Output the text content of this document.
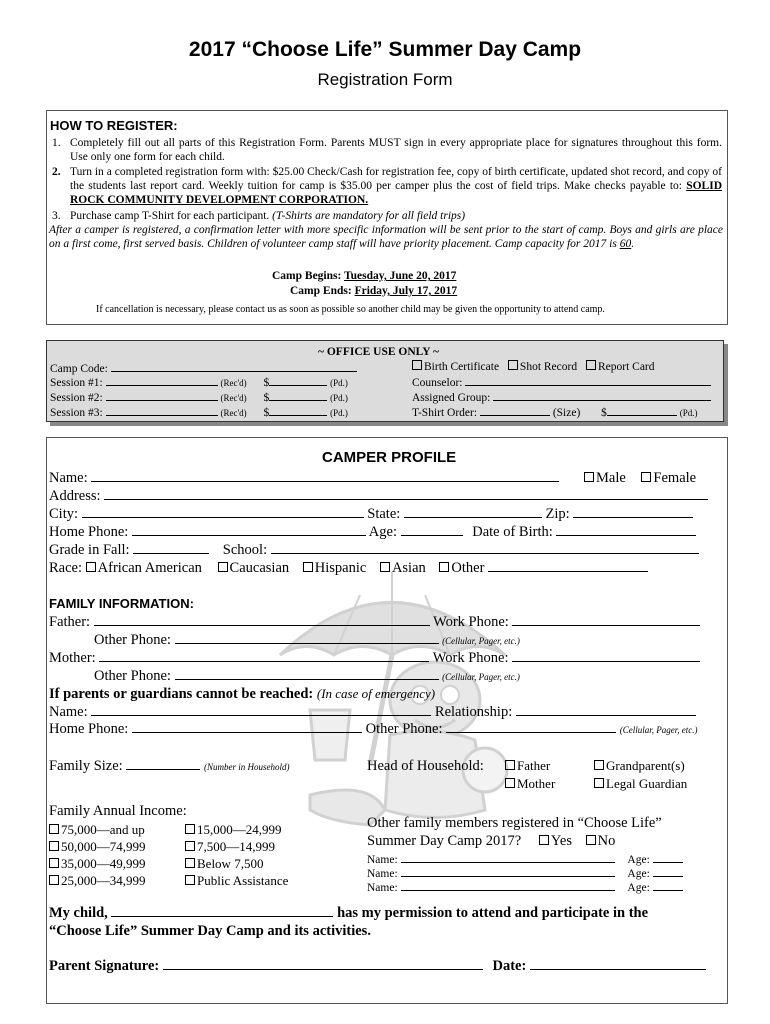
2017 “Choose Life” Summer Day Camp
Registration Form
HOW TO REGISTER:
1. Completely fill out all parts of this Registration Form. Parents MUST sign in every appropriate place for signatures throughout this form. Use only one form for each child.
2. Turn in a completed registration form with: $25.00 Check/Cash for registration fee, copy of birth certificate, updated shot record, and copy of the students last report card. Weekly tuition for camp is $35.00 per camper plus the cost of field trips. Make checks payable to: SOLID ROCK COMMUNITY DEVELOPMENT CORPORATION.
3. Purchase camp T-Shirt for each participant. (T-Shirts are mandatory for all field trips)
After a camper is registered, a confirmation letter with more specific information will be sent prior to the start of camp. Boys and girls are place on a first come, first served basis. Children of volunteer camp staff will have priority placement. Camp capacity for 2017 is 60.
Camp Begins: Tuesday, June 20, 2017
Camp Ends: Friday, July 17, 2017
If cancellation is necessary, please contact us as soon as possible so another child may be given the opportunity to attend camp.
~ OFFICE USE ONLY ~
Camp Code:
Session #1:	(Rec'd) $	(Pd.)
Session #2:	(Rec'd) $	(Pd.)
Session #3:	(Rec'd) $	(Pd.)
Birth Certificate Shot Record Report Card
Counselor:
Assigned Group:
T-Shirt Order:	(Size) $	(Pd.)
CAMPER PROFILE
Name:	Male Female
Address:
City:	State:	Zip:
Home Phone:	Age:	Date of Birth:
Grade in Fall:	School:
Race: African American Caucasian Hispanic Asian Other
FAMILY INFORMATION:
Father:	Work Phone:
Other Phone:	(Cellular, Pager, etc.)
Mother:	Work Phone:
Other Phone:	(Cellular, Pager, etc.)
If parents or guardians cannot be reached: (In case of emergency)
Name:	Relationship:
Home Phone:	Other Phone:	(Cellular, Pager, etc.)
Family Size:	(Number in Household)	Head of Household:	Father
Mother
Grandparent(s)
Legal Guardian
Family Annual Income:
75,000—and up
50,000—74,999
35,000—49,999
25,000—34,999
15,000—24,999
7,500—14,999
Below 7,500
Public Assistance
Other family members registered in “Choose Life”
Summer Day Camp 2017? Yes No
Name:	Age:
Name:	Age:
Name:	Age:
My child,	has my permission to attend and participate in the
“Choose Life” Summer Day Camp and its activities.
Parent Signature:	Date:
